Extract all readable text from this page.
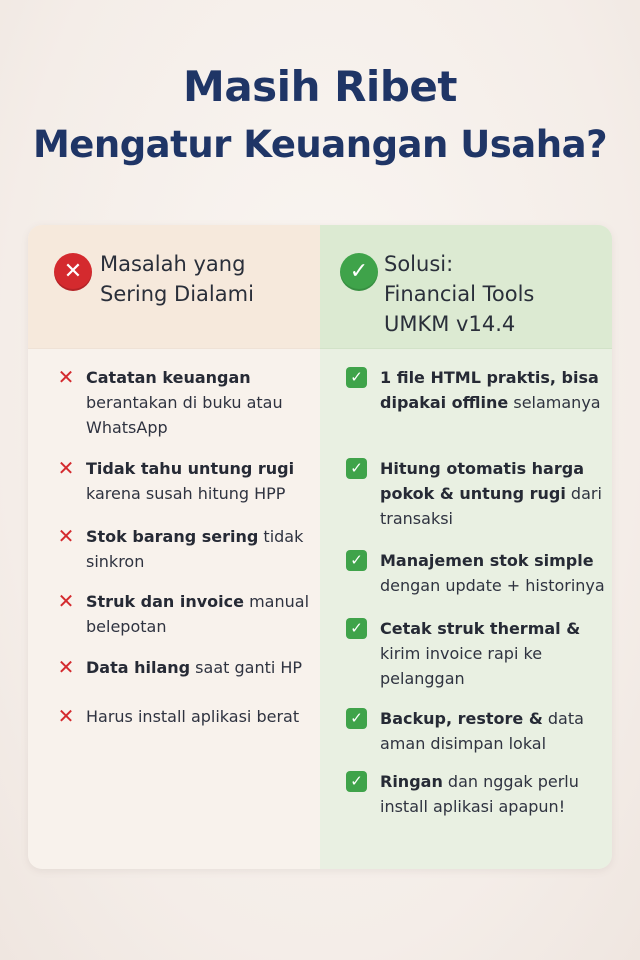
Masih Ribet
Mengatur Keuangan Usaha?
✕ Masalah yang
Sering Dialami
✕ Catatan keuangan berantakan di buku atau WhatsApp
✕ Tidak tahu untung rugi karena susah hitung HPP
✕ Stok barang sering tidak sinkron
✕ Struk dan invoice manual belepotan
✕ Data hilang saat ganti HP
✕ Harus install aplikasi berat
✓ Solusi:
Financial Tools
UMKM v14.4
✓ 1 file HTML praktis, bisa dipakai offline selamanya
✓ Hitung otomatis harga pokok & untung rugi dari transaksi
✓ Manajemen stok simple dengan update + historinya
✓ Cetak struk thermal & kirim invoice rapi ke pelanggan
✓ Backup, restore & data aman disimpan lokal
✓ Ringan dan nggak perlu install aplikasi apapun!
